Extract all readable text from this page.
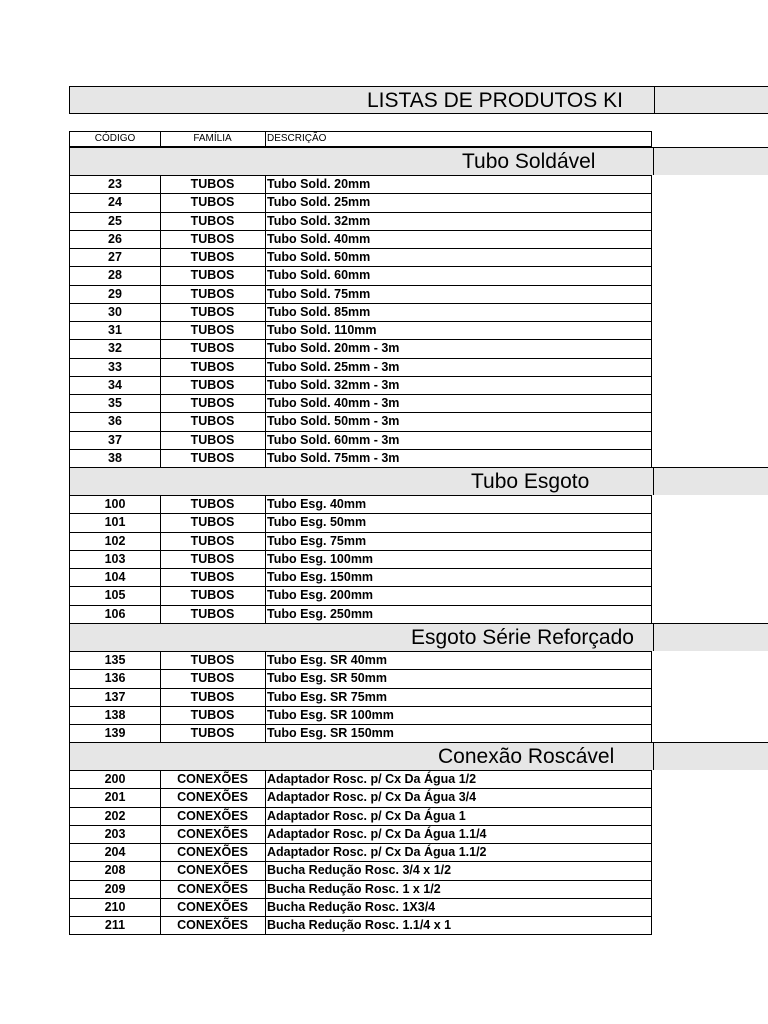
LISTAS DE PRODUTOS KI
CÓDIGO	FAMÍLIA	DESCRIÇÃO
Tubo Soldável
23	TUBOS	Tubo Sold. 20mm
24	TUBOS	Tubo Sold. 25mm
25	TUBOS	Tubo Sold. 32mm
26	TUBOS	Tubo Sold. 40mm
27	TUBOS	Tubo Sold. 50mm
28	TUBOS	Tubo Sold. 60mm
29	TUBOS	Tubo Sold. 75mm
30	TUBOS	Tubo Sold. 85mm
31	TUBOS	Tubo Sold. 110mm
32	TUBOS	Tubo Sold. 20mm - 3m
33	TUBOS	Tubo Sold. 25mm - 3m
34	TUBOS	Tubo Sold. 32mm - 3m
35	TUBOS	Tubo Sold. 40mm - 3m
36	TUBOS	Tubo Sold. 50mm - 3m
37	TUBOS	Tubo Sold. 60mm - 3m
38	TUBOS	Tubo Sold. 75mm - 3m
Tubo Esgoto
100	TUBOS	Tubo Esg. 40mm
101	TUBOS	Tubo Esg. 50mm
102	TUBOS	Tubo Esg. 75mm
103	TUBOS	Tubo Esg. 100mm
104	TUBOS	Tubo Esg. 150mm
105	TUBOS	Tubo Esg. 200mm
106	TUBOS	Tubo Esg. 250mm
Esgoto Série Reforçado
135	TUBOS	Tubo Esg. SR 40mm
136	TUBOS	Tubo Esg. SR 50mm
137	TUBOS	Tubo Esg. SR 75mm
138	TUBOS	Tubo Esg. SR 100mm
139	TUBOS	Tubo Esg. SR 150mm
Conexão Roscável
200	CONEXÕES	Adaptador Rosc. p/ Cx Da Água 1/2
201	CONEXÕES	Adaptador Rosc. p/ Cx Da Água 3/4
202	CONEXÕES	Adaptador Rosc. p/ Cx Da Água 1
203	CONEXÕES	Adaptador Rosc. p/ Cx Da Água 1.1/4
204	CONEXÕES	Adaptador Rosc. p/ Cx Da Água 1.1/2
208	CONEXÕES	Bucha Redução Rosc. 3/4 x 1/2
209	CONEXÕES	Bucha Redução Rosc. 1 x 1/2
210	CONEXÕES	Bucha Redução Rosc. 1X3/4
211	CONEXÕES	Bucha Redução Rosc. 1.1/4 x 1
